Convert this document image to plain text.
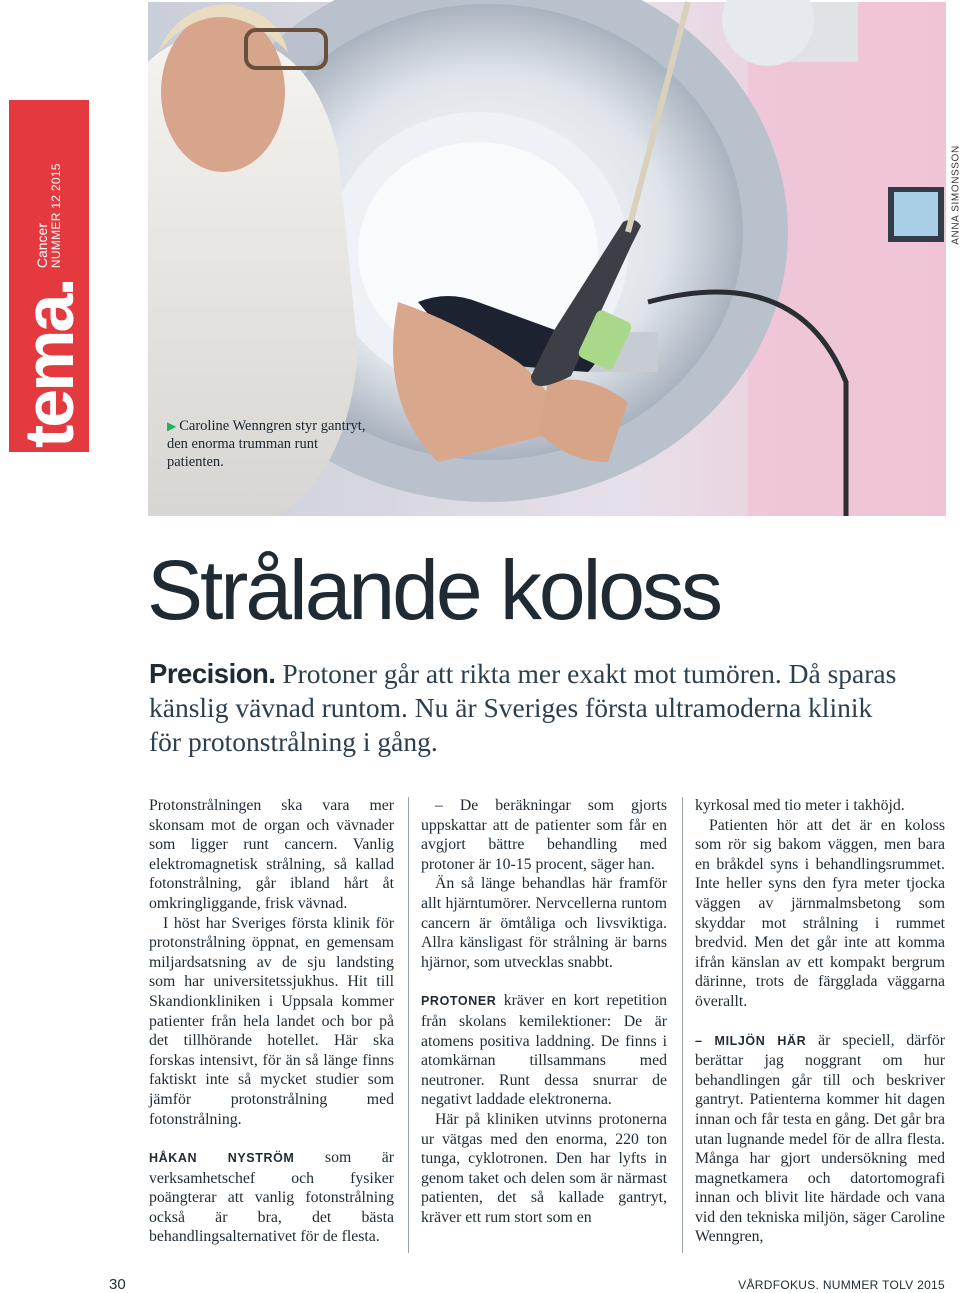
tema.
Cancer NUMMER 12 2015	ANNA SIMONSSON
▶ Caroline Wenngren styr gantryt, den enorma trumman runt patienten.
Strålande koloss

Precision. Protoner går att rikta mer exakt mot tumören. Då sparas känslig vävnad runtom. Nu är Sveriges första ultramoderna klinik för protonstrålning i gång.

Protonstrålningen ska vara mer skonsam mot de organ och vävnader som ligger runt cancern. Vanlig elektromagnetisk strålning, så kallad fotonstrålning, går ibland hårt åt omkringliggande, frisk vävnad.

I höst har Sveriges första klinik för protonstrålning öppnat, en gemensam miljardsatsning av de sju landsting som har universitetssjukhus. Hit till Skandionkliniken i Uppsala kommer patienter från hela landet och bor på det tillhörande hotellet. Här ska forskas intensivt, för än så länge finns faktiskt inte så mycket studier som jämför protonstrålning med fotonstrålning.

HÅKAN NYSTRÖM som är verksamhetschef och fysiker poängterar att vanlig fotonstrålning också är bra, det bästa behandlingsalternativet för de flesta.

– De beräkningar som gjorts uppskattar att de patienter som får en avgjort bättre behandling med protoner är 10-15 procent, säger han.

Än så länge behandlas här framför allt hjärntumörer. Nervcellerna runtom cancern är ömtåliga och livsviktiga. Allra känsligast för strålning är barns hjärnor, som utvecklas snabbt.

PROTONER kräver en kort repetition från skolans kemilektioner: De är atomens positiva laddning. De finns i atomkärnan tillsammans med neutroner. Runt dessa snurrar de negativt laddade elektronerna.

Här på kliniken utvinns protonerna ur vätgas med den enorma, 220 ton tunga, cyklotronen. Den har lyfts in genom taket och delen som är närmast patienten, det så kallade gantryt, kräver ett rum stort som en

kyrkosal med tio meter i takhöjd.

Patienten hör att det är en koloss som rör sig bakom väggen, men bara en bråkdel syns i behandlingsrummet. Inte heller syns den fyra meter tjocka väggen av järnmalmsbetong som skyddar mot strålning i rummet bredvid. Men det går inte att komma ifrån känslan av ett kompakt bergrum därinne, trots de färgglada väggarna överallt.

– MILJÖN HÄR är speciell, därför berättar jag noggrant om hur behandlingen går till och beskriver gantryt. Patienterna kommer hit dagen innan och får testa en gång. Det går bra utan lugnande medel för de allra flesta. Många har gjort undersökning med magnetkamera och datortomografi innan och blivit lite härdade och vana vid den tekniska miljön, säger Caroline Wenngren,

30	VÅRDFOKUS. NUMMER TOLV 2015
